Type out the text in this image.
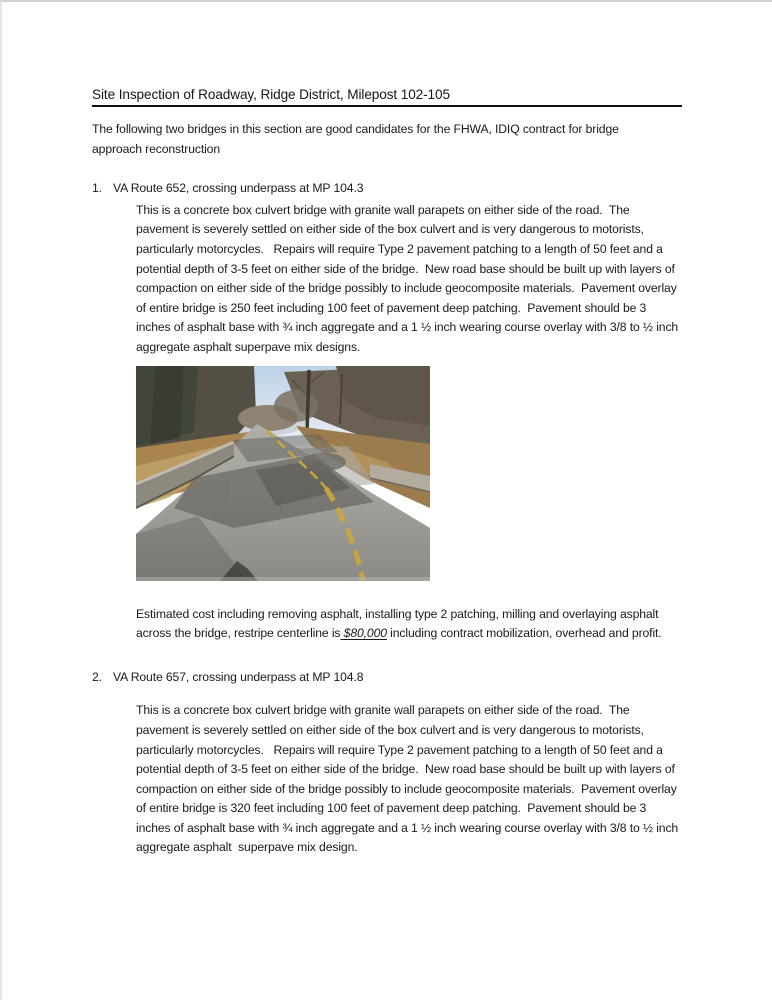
Site Inspection of Roadway, Ridge District, Milepost 102-105

The following two bridges in this section are good candidates for the FHWA, IDIQ contract for bridge approach reconstruction

1. VA Route 652, crossing underpass at MP 104.3

This is a concrete box culvert bridge with granite wall parapets on either side of the road.  The pavement is severely settled on either side of the box culvert and is very dangerous to motorists, particularly motorcycles.   Repairs will require Type 2 pavement patching to a length of 50 feet and a potential depth of 3-5 feet on either side of the bridge.  New road base should be built up with layers of compaction on either side of the bridge possibly to include geocomposite materials.  Pavement overlay of entire bridge is 250 feet including 100 feet of pavement deep patching.  Pavement should be 3 inches of asphalt base with ¾ inch aggregate and a 1 ½ inch wearing course overlay with 3/8 to ½ inch aggregate asphalt superpave mix designs.

Estimated cost including removing asphalt, installing type 2 patching, milling and overlaying asphalt across the bridge, restripe centerline is $80,000 including contract mobilization, overhead and profit.

2. VA Route 657, crossing underpass at MP 104.8

This is a concrete box culvert bridge with granite wall parapets on either side of the road.  The pavement is severely settled on either side of the box culvert and is very dangerous to motorists, particularly motorcycles.   Repairs will require Type 2 pavement patching to a length of 50 feet and a potential depth of 3-5 feet on either side of the bridge.  New road base should be built up with layers of compaction on either side of the bridge possibly to include geocomposite materials.  Pavement overlay of entire bridge is 320 feet including 100 feet of pavement deep patching.  Pavement should be 3 inches of asphalt base with ¾ inch aggregate and a 1 ½ inch wearing course overlay with 3/8 to ½ inch aggregate asphalt  superpave mix design.
